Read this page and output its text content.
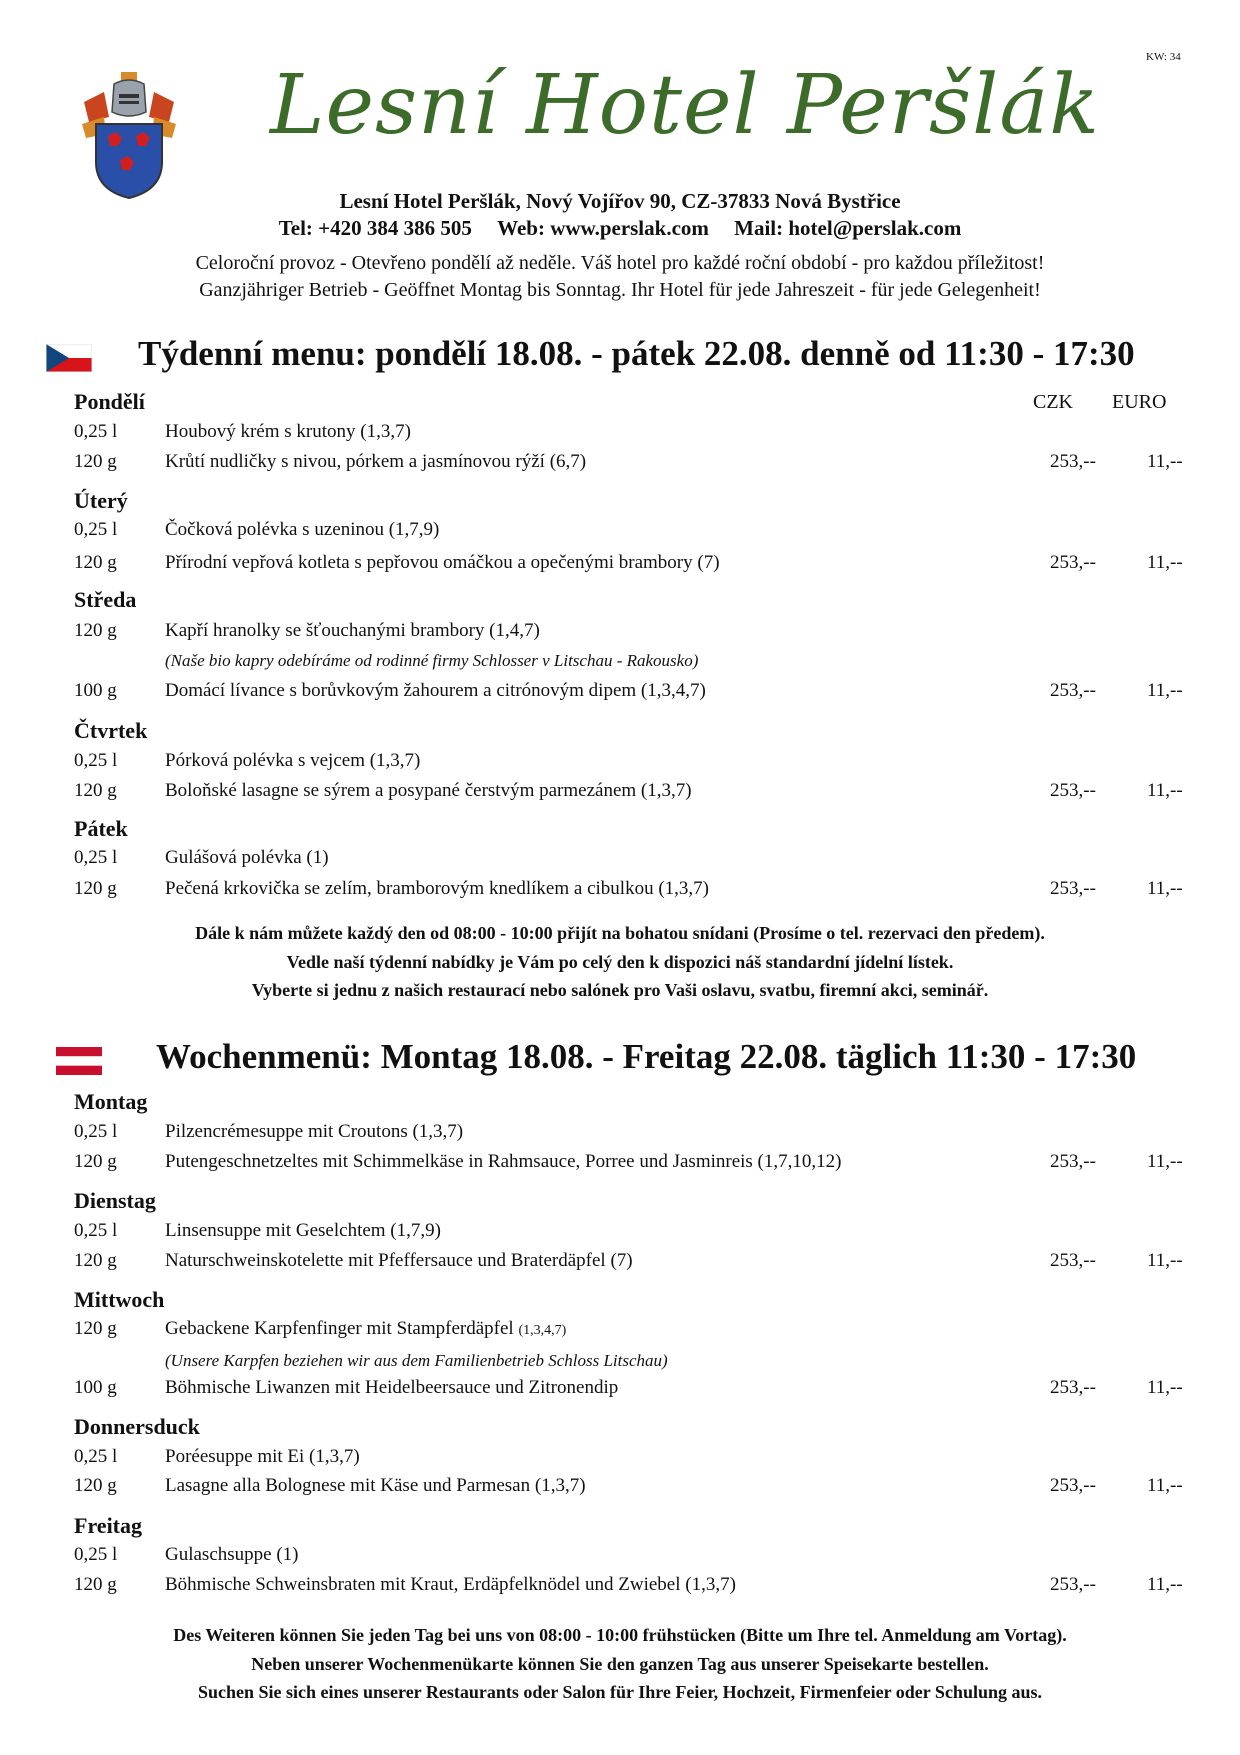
KW: 34
Lesní Hotel Peršlák
Lesní Hotel Peršlák, Nový Vojířov 90, CZ-37833 Nová Bystřice
Tel: +420 384 386 505 Web: www.perslak.com Mail: hotel@perslak.com
Celoroční provoz - Otevřeno pondělí až neděle. Váš hotel pro každé roční období - pro každou příležitost!
Ganzjähriger Betrieb - Geöffnet Montag bis Sonntag. Ihr Hotel für jede Jahreszeit - für jede Gelegenheit!
Týdenní menu: pondělí 18.08. - pátek 22.08. denně od 11:30 - 17:30
CZK EURO
Pondělí
0,25 l	Houbový krém s krutony (1,3,7)
120 g	Krůtí nudličky s nivou, pórkem a jasmínovou rýží (6,7)	253,--	11,--
Úterý
0,25 l	Čočková polévka s uzeninou (1,7,9)
120 g	Přírodní vepřová kotleta s pepřovou omáčkou a opečenými brambory (7)	253,--	11,--
Středa
120 g	Kapří hranolky se šťouchanými brambory (1,4,7)
(Naše bio kapry odebíráme od rodinné firmy Schlosser v Litschau - Rakousko)
100 g	Domácí lívance s borůvkovým žahourem a citrónovým dipem (1,3,4,7)	253,--	11,--
Čtvrtek
0,25 l	Pórková polévka s vejcem (1,3,7)
120 g	Boloňské lasagne se sýrem a posypané čerstvým parmezánem (1,3,7)	253,--	11,--
Pátek
0,25 l	Gulášová polévka (1)
120 g	Pečená krkovička se zelím, bramborovým knedlíkem a cibulkou (1,3,7)	253,--	11,--
Dále k nám můžete každý den od 08:00 - 10:00 přijít na bohatou snídani (Prosíme o tel. rezervaci den předem).
Vedle naší týdenní nabídky je Vám po celý den k dispozici náš standardní jídelní lístek.
Vyberte si jednu z našich restaurací nebo salónek pro Vaši oslavu, svatbu, firemní akci, seminář.
Wochenmenü: Montag 18.08. - Freitag 22.08. täglich 11:30 - 17:30
Montag
0,25 l	Pilzencrémesuppe mit Croutons (1,3,7)
120 g	Putengeschnetzeltes mit Schimmelkäse in Rahmsauce, Porree und Jasminreis (1,7,10,12)	253,--	11,--
Dienstag
0,25 l	Linsensuppe mit Geselchtem (1,7,9)
120 g	Naturschweinskotelette mit Pfeffersauce und Braterdäpfel (7)	253,--	11,--
Mittwoch
120 g	Gebackene Karpfenfinger mit Stampferdäpfel (1,3,4,7)
(Unsere Karpfen beziehen wir aus dem Familienbetrieb Schloss Litschau)
100 g	Böhmische Liwanzen mit Heidelbeersauce und Zitronendip	253,--	11,--
Donnersduck
0,25 l	Poréesuppe mit Ei (1,3,7)
120 g	Lasagne alla Bolognese mit Käse und Parmesan (1,3,7)	253,--	11,--
Freitag
0,25 l	Gulaschsuppe (1)
120 g	Böhmische Schweinsbraten mit Kraut, Erdäpfelknödel und Zwiebel (1,3,7)	253,--	11,--
Des Weiteren können Sie jeden Tag bei uns von 08:00 - 10:00 frühstücken (Bitte um Ihre tel. Anmeldung am Vortag).
Neben unserer Wochenmenükarte können Sie den ganzen Tag aus unserer Speisekarte bestellen.
Suchen Sie sich eines unserer Restaurants oder Salon für Ihre Feier, Hochzeit, Firmenfeier oder Schulung aus.
